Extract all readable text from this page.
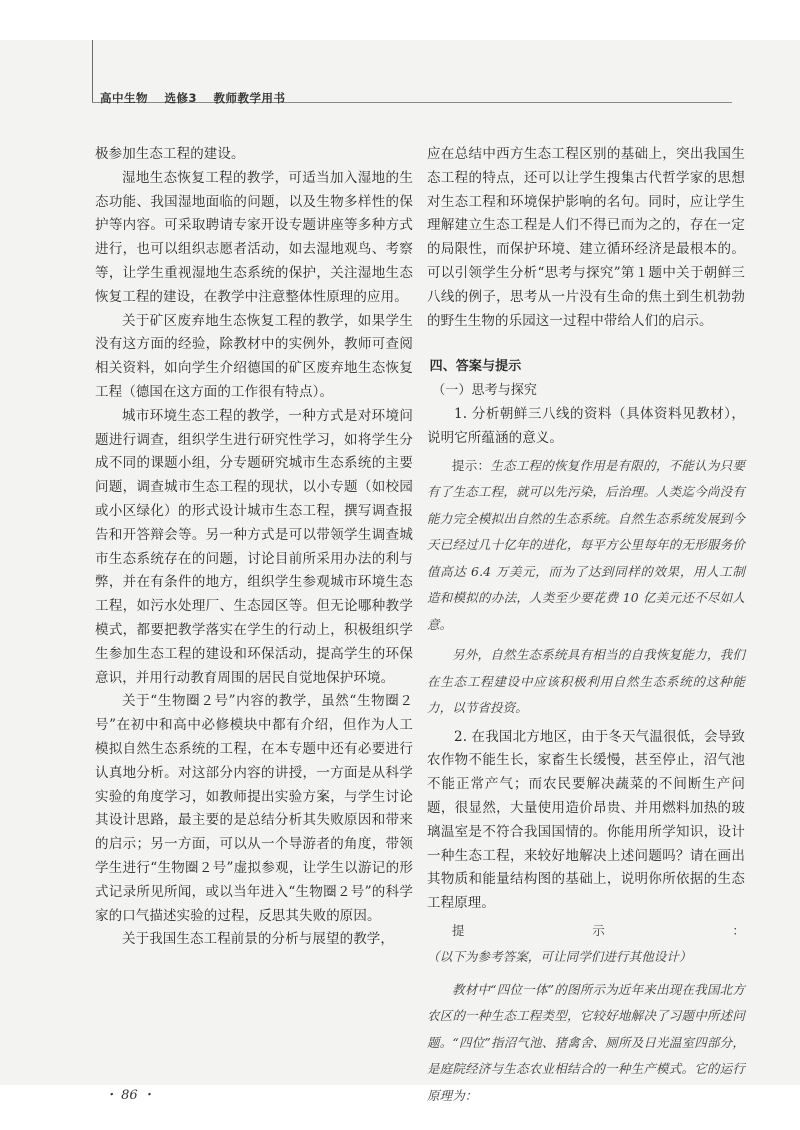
高中生物 选修3 教师教学用书

极参加生态工程的建设。

湿地生态恢复工程的教学，可适当加入湿地的生态功能、我国湿地面临的问题，以及生物多样性的保护等内容。可采取聘请专家开设专题讲座等多种方式进行，也可以组织志愿者活动，如去湿地观鸟、考察等，让学生重视湿地生态系统的保护，关注湿地生态恢复工程的建设，在教学中注意整体性原理的应用。

关于矿区废弃地生态恢复工程的教学，如果学生没有这方面的经验，除教材中的实例外，教师可查阅相关资料，如向学生介绍德国的矿区废弃地生态恢复工程（德国在这方面的工作很有特点）。

城市环境生态工程的教学，一种方式是对环境问题进行调查，组织学生进行研究性学习，如将学生分成不同的课题小组，分专题研究城市生态系统的主要问题，调查城市生态工程的现状，以小专题（如校园或小区绿化）的形式设计城市生态工程，撰写调查报告和开答辩会等。另一种方式是可以带领学生调查城市生态系统存在的问题，讨论目前所采用办法的利与弊，并在有条件的地方，组织学生参观城市环境生态工程，如污水处理厂、生态园区等。但无论哪种教学模式，都要把教学落实在学生的行动上，积极组织学生参加生态工程的建设和环保活动，提高学生的环保意识，并用行动教育周围的居民自觉地保护环境。

关于“生物圈２号”内容的教学，虽然“生物圈２号”在初中和高中必修模块中都有介绍，但作为人工模拟自然生态系统的工程，在本专题中还有必要进行认真地分析。对这部分内容的讲授，一方面是从科学实验的角度学习，如教师提出实验方案，与学生讨论其设计思路，最主要的是总结分析其失败原因和带来的启示；另一方面，可以从一个导游者的角度，带领学生进行“生物圈２号”虚拟参观，让学生以游记的形式记录所见所闻，或以当年进入“生物圈２号”的科学家的口气描述实验的过程，反思其失败的原因。

关于我国生态工程前景的分析与展望的教学，

应在总结中西方生态工程区别的基础上，突出我国生态工程的特点，还可以让学生搜集古代哲学家的思想对生态工程和环境保护影响的名句。同时，应让学生理解建立生态工程是人们不得已而为之的，存在一定的局限性，而保护环境、建立循环经济是最根本的。可以引领学生分析“思考与探究”第１题中关于朝鲜三八线的例子，思考从一片没有生命的焦土到生机勃勃的野生生物的乐园这一过程中带给人们的启示。

四、答案与提示

（一）思考与探究

1. 分析朝鲜三八线的资料（具体资料见教材），说明它所蕴涵的意义。

提示：生态工程的恢复作用是有限的，不能认为只要有了生态工程，就可以先污染，后治理。人类迄今尚没有能力完全模拟出自然的生态系统。自然生态系统发展到今天已经过几十亿年的进化，每平方公里每年的无形服务价值高达 6.4 万美元，而为了达到同样的效果，用人工制造和模拟的办法，人类至少要花费 10 亿美元还不尽如人意。

另外，自然生态系统具有相当的自我恢复能力，我们在生态工程建设中应该积极利用自然生态系统的这种能力，以节省投资。

2. 在我国北方地区，由于冬天气温很低，会导致农作物不能生长，家畜生长缓慢，甚至停止，沼气池不能正常产气；而农民要解决蔬菜的不间断生产问题，很显然，大量使用造价昂贵、并用燃料加热的玻璃温室是不符合我国国情的。你能用所学知识，设计一种生态工程，来较好地解决上述问题吗？请在画出其物质和能量结构图的基础上，说明你所依据的生态工程原理。

提示：（以下为参考答案，可让同学们进行其他设计）

教材中“四位一体”的图所示为近年来出现在我国北方农区的一种生态工程类型，它较好地解决了习题中所述问题。“四位”指沼气池、猪禽舍、厕所及日光温室四部分，是庭院经济与生态农业相结合的一种生产模式。它的运行原理为：

・ 86 ・
